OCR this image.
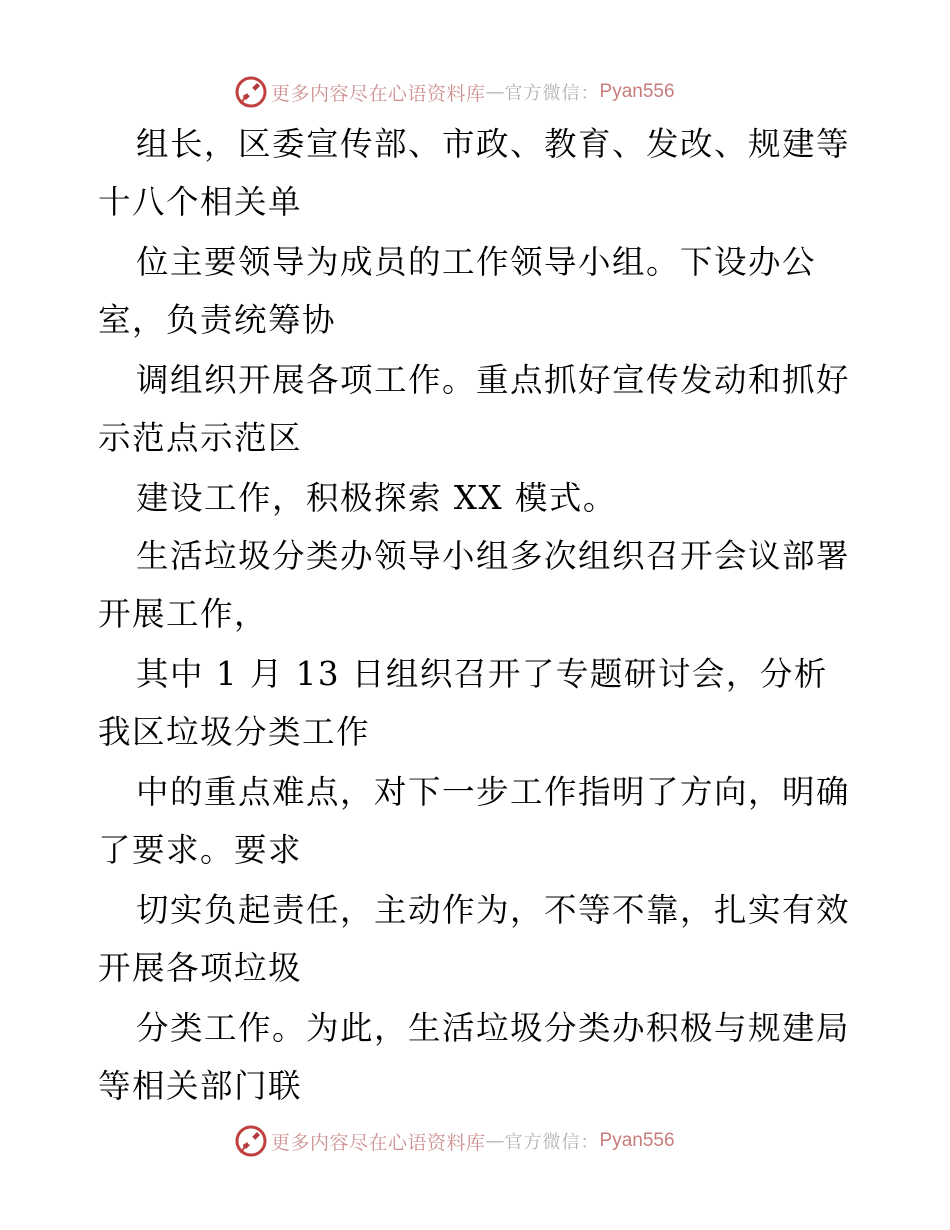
更多内容尽在心语资料库 — 官方微信： Pyan556
组长，区委宣传部、市政、教育、发改、规建等
十八个相关单
位主要领导为成员的工作领导小组。下设办公
室，负责统筹协
调组织开展各项工作。重点抓好宣传发动和抓好
示范点示范区
建设工作，积极探索 XX 模式。
生活垃圾分类办领导小组多次组织召开会议部署
开展工作，
其中 1 月 13 日组织召开了专题研讨会，分析
我区垃圾分类工作
中的重点难点，对下一步工作指明了方向，明确
了要求。要求
切实负起责任，主动作为，不等不靠，扎实有效
开展各项垃圾
分类工作。为此，生活垃圾分类办积极与规建局
等相关部门联
更多内容尽在心语资料库 — 官方微信： Pyan556
